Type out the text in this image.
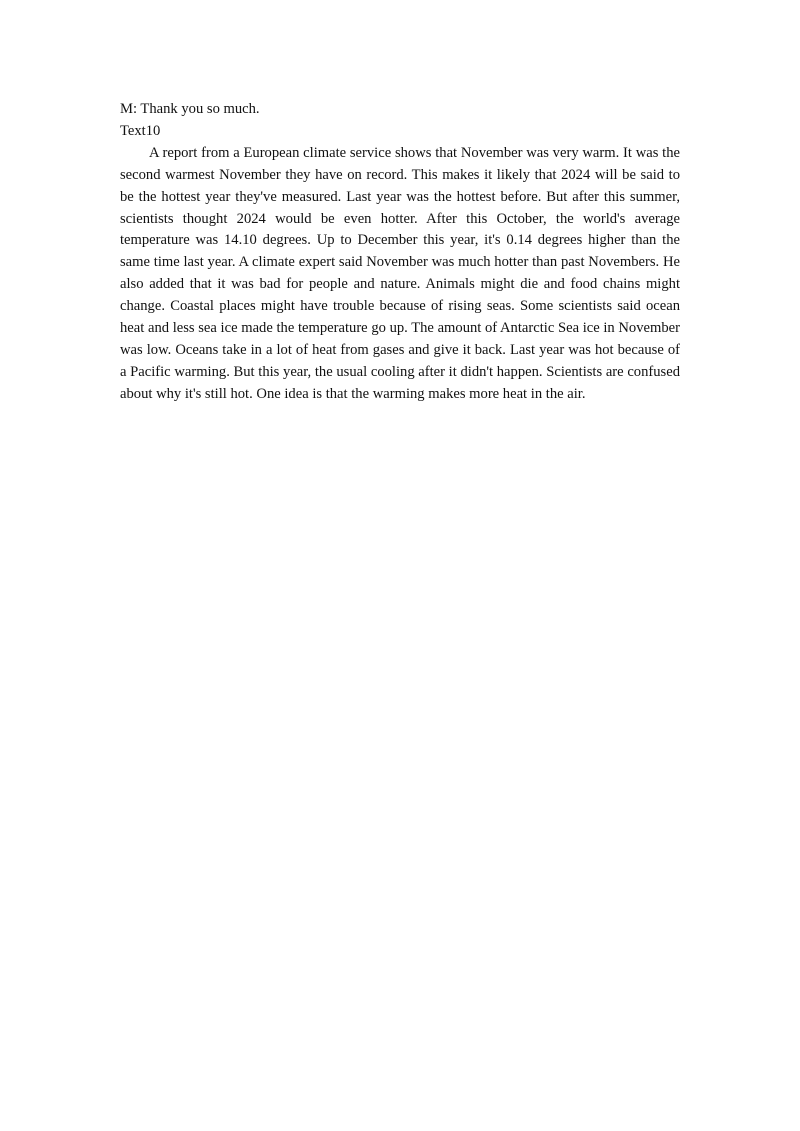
M: Thank you so much.

Text10

A report from a European climate service shows that November was very warm. It was the second warmest November they have on record. This makes it likely that 2024 will be said to be the hottest year they've measured. Last year was the hottest before. But after this summer, scientists thought 2024 would be even hotter. After this October, the world's average temperature was 14.10 degrees. Up to December this year, it's 0.14 degrees higher than the same time last year. A climate expert said November was much hotter than past Novembers. He also added that it was bad for people and nature. Animals might die and food chains might change. Coastal places might have trouble because of rising seas. Some scientists said ocean heat and less sea ice made the temperature go up. The amount of Antarctic Sea ice in November was low. Oceans take in a lot of heat from gases and give it back. Last year was hot because of a Pacific warming. But this year, the usual cooling after it didn't happen. Scientists are confused about why it's still hot. One idea is that the warming makes more heat in the air.
